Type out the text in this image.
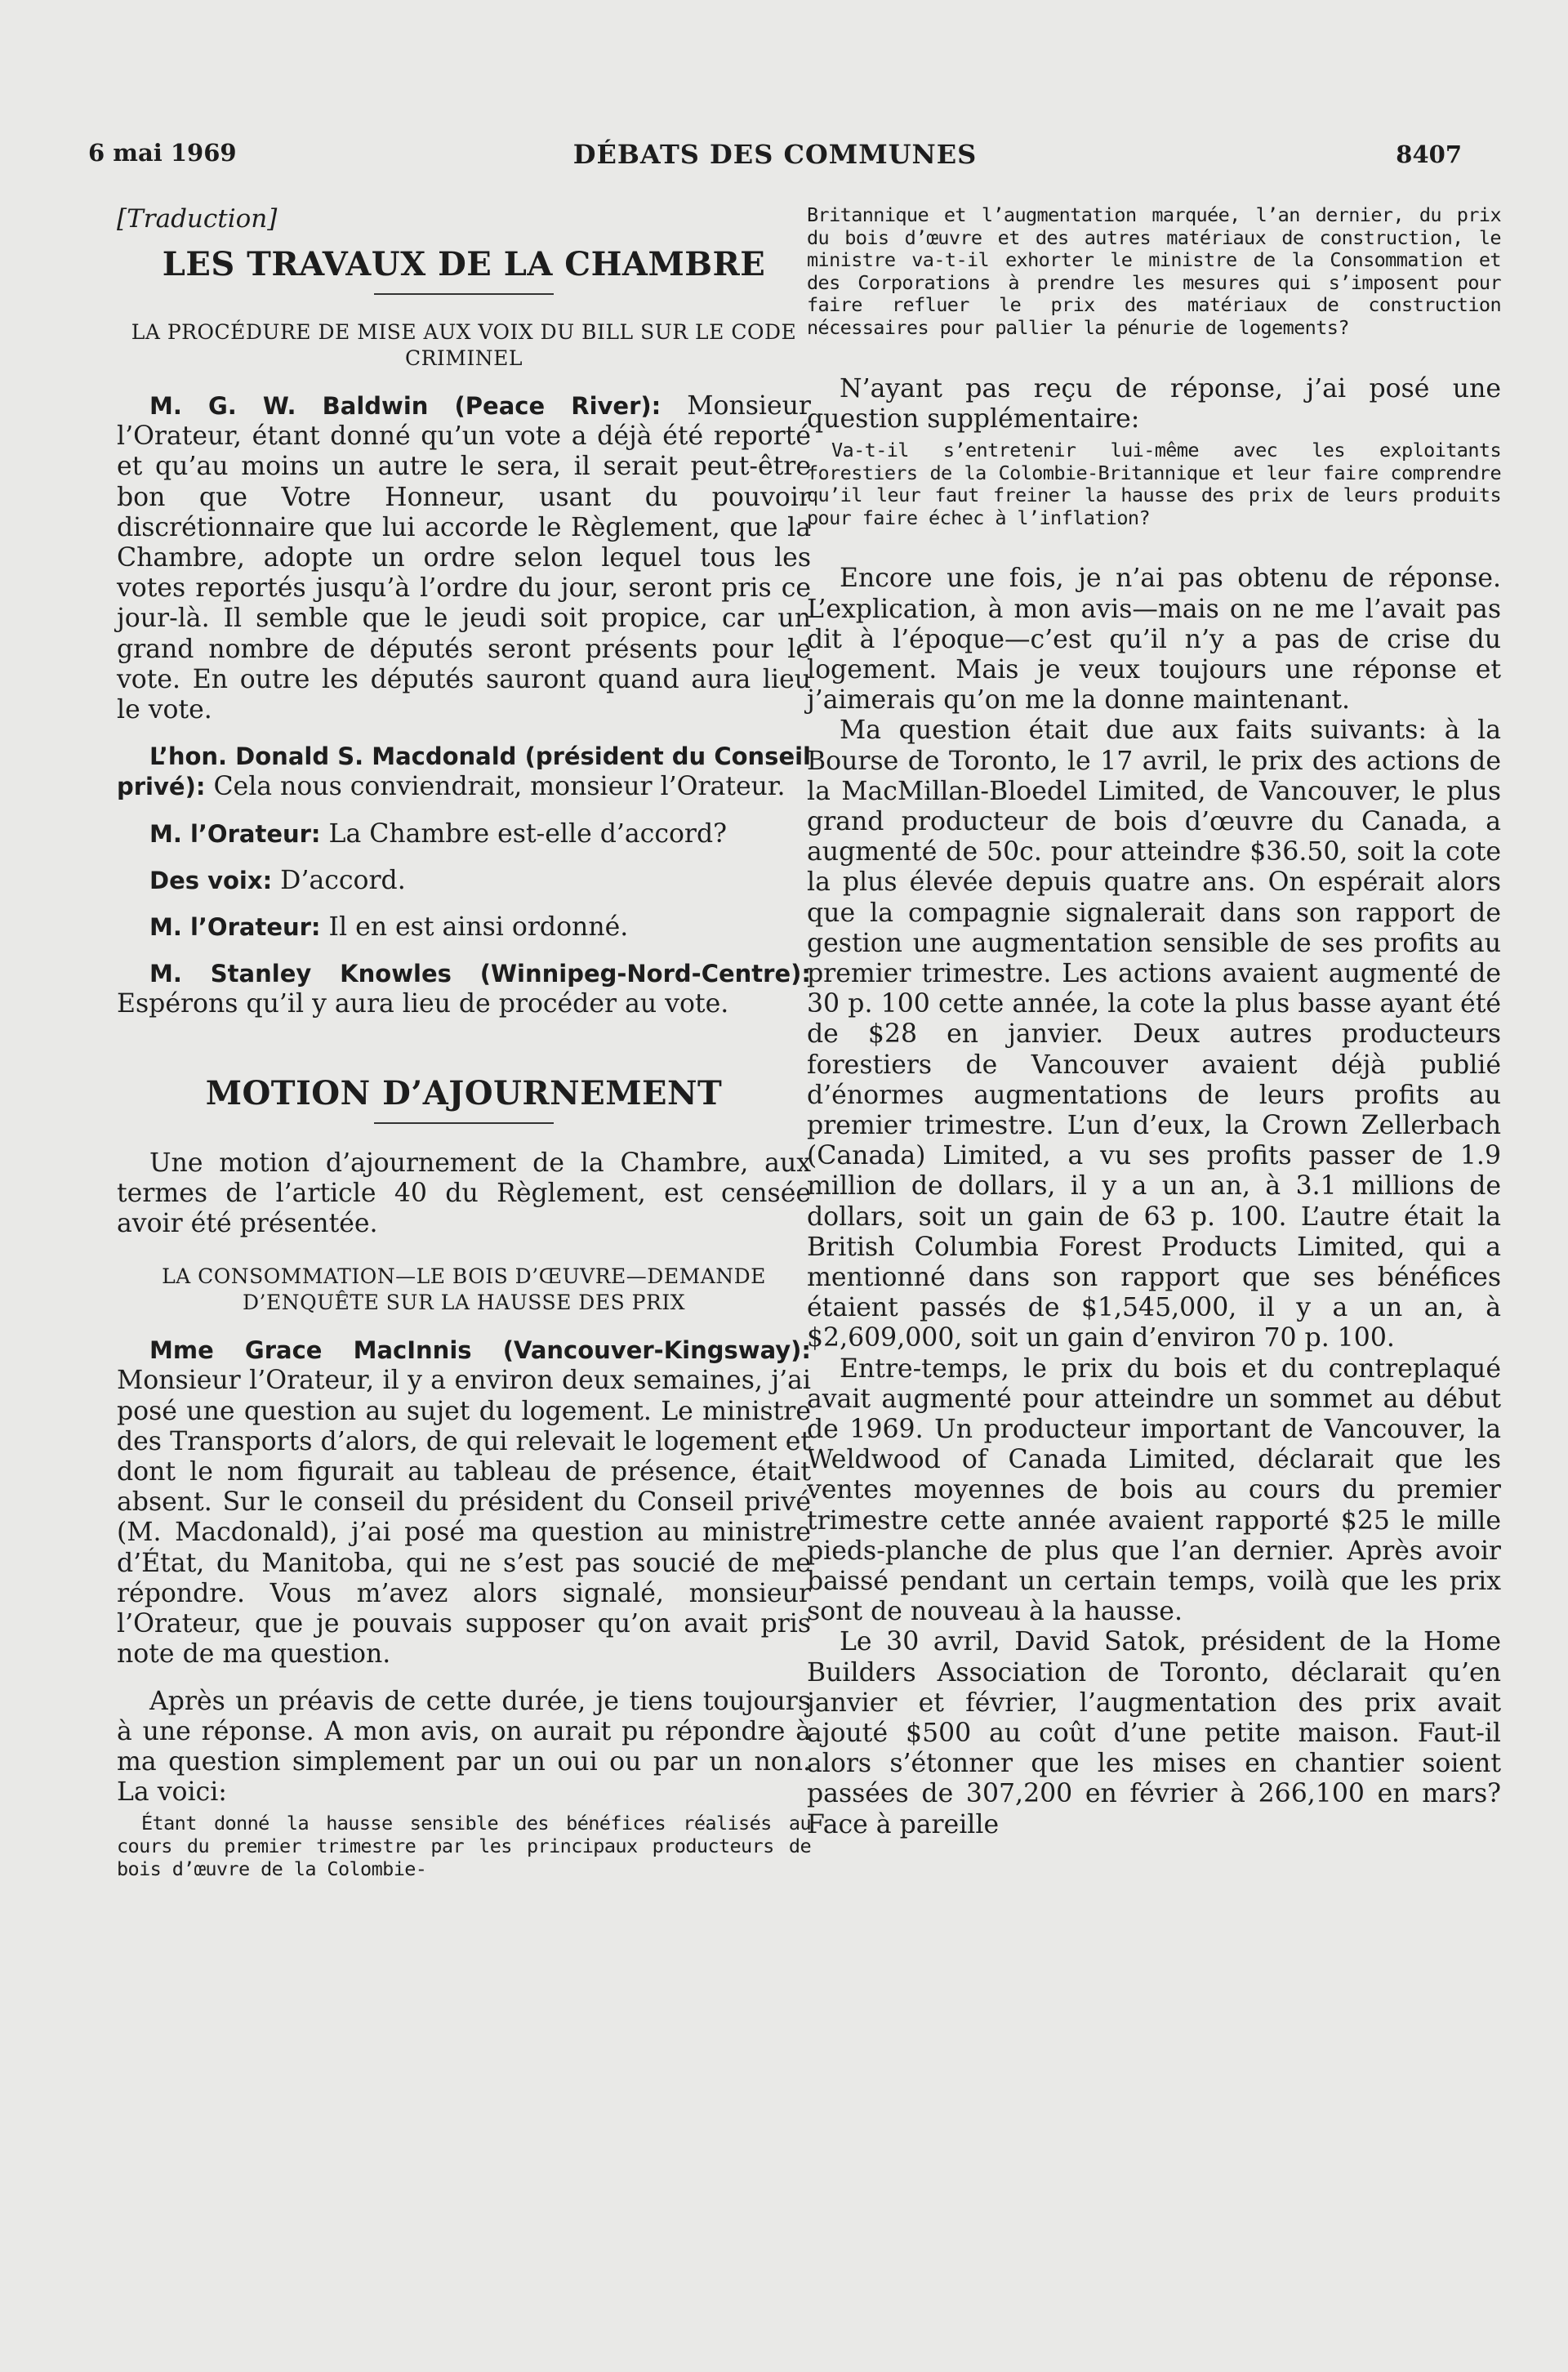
6 mai 1969	DÉBATS DES COMMUNES	8407
[Traduction]
LES TRAVAUX DE LA CHAMBRE
LA PROCÉDURE DE MISE AUX VOIX DU BILL SUR LE CODE CRIMINEL

M. G. W. Baldwin (Peace River): Monsieur l’Orateur, étant donné qu’un vote a déjà été reporté et qu’au moins un autre le sera, il serait peut-être bon que Votre Honneur, usant du pouvoir discrétionnaire que lui accorde le Règlement, que la Chambre, adopte un ordre selon lequel tous les votes reportés jusqu’à l’ordre du jour, seront pris ce jour-là. Il semble que le jeudi soit propice, car un grand nombre de députés seront présents pour le vote. En outre les députés sauront quand aura lieu le vote.

L’hon. Donald S. Macdonald (président du Conseil privé): Cela nous conviendrait, monsieur l’Orateur.

M. l’Orateur: La Chambre est-elle d’accord?

Des voix: D’accord.

M. l’Orateur: Il en est ainsi ordonné.

M. Stanley Knowles (Winnipeg-Nord-Centre): Espérons qu’il y aura lieu de procéder au vote.

MOTION D’AJOURNEMENT

Une motion d’ajournement de la Chambre, aux termes de l’article 40 du Règlement, est censée avoir été présentée.

LA CONSOMMATION—LE BOIS D’ŒUVRE—DEMANDE D’ENQUÊTE SUR LA HAUSSE DES PRIX

Mme Grace MacInnis (Vancouver-Kingsway): Monsieur l’Orateur, il y a environ deux semaines, j’ai posé une question au sujet du logement. Le ministre des Transports d’alors, de qui relevait le logement et dont le nom figurait au tableau de présence, était absent. Sur le conseil du président du Conseil privé (M. Macdonald), j’ai posé ma question au ministre d’État, du Manitoba, qui ne s’est pas soucié de me répondre. Vous m’avez alors signalé, monsieur l’Orateur, que je pouvais supposer qu’on avait pris note de ma question.

Après un préavis de cette durée, je tiens toujours à une réponse. A mon avis, on aurait pu répondre à ma question simplement par un oui ou par un non. La voici:

Étant donné la hausse sensible des bénéfices réalisés au cours du premier trimestre par les principaux producteurs de bois d’œuvre de la Colombie-
Britannique et l’augmentation marquée, l’an dernier, du prix du bois d’œuvre et des autres matériaux de construction, le ministre va-t-il exhorter le ministre de la Consommation et des Corporations à prendre les mesures qui s’imposent pour faire refluer le prix des matériaux de construction nécessaires pour pallier la pénurie de logements?

N’ayant pas reçu de réponse, j’ai posé une question supplémentaire:

Va-t-il s’entretenir lui-même avec les exploitants forestiers de la Colombie-Britannique et leur faire comprendre qu’il leur faut freiner la hausse des prix de leurs produits pour faire échec à l’inflation?

Encore une fois, je n’ai pas obtenu de réponse. L’explication, à mon avis—mais on ne me l’avait pas dit à l’époque—c’est qu’il n’y a pas de crise du logement. Mais je veux toujours une réponse et j’aimerais qu’on me la donne maintenant.

Ma question était due aux faits suivants: à la Bourse de Toronto, le 17 avril, le prix des actions de la MacMillan-Bloedel Limited, de Vancouver, le plus grand producteur de bois d’œuvre du Canada, a augmenté de 50c. pour atteindre $36.50, soit la cote la plus élevée depuis quatre ans. On espérait alors que la compagnie signalerait dans son rapport de gestion une augmentation sensible de ses profits au premier trimestre. Les actions avaient augmenté de 30 p. 100 cette année, la cote la plus basse ayant été de $28 en janvier. Deux autres producteurs forestiers de Vancouver avaient déjà publié d’énormes augmentations de leurs profits au premier trimestre. L’un d’eux, la Crown Zellerbach (Canada) Limited, a vu ses profits passer de 1.9 million de dollars, il y a un an, à 3.1 millions de dollars, soit un gain de 63 p. 100. L’autre était la British Columbia Forest Products Limited, qui a mentionné dans son rapport que ses bénéfices étaient passés de $1,545,000, il y a un an, à $2,609,000, soit un gain d’environ 70 p. 100.

Entre-temps, le prix du bois et du contreplaqué avait augmenté pour atteindre un sommet au début de 1969. Un producteur important de Vancouver, la Weldwood of Canada Limited, déclarait que les ventes moyennes de bois au cours du premier trimestre cette année avaient rapporté $25 le mille pieds-planche de plus que l’an dernier. Après avoir baissé pendant un certain temps, voilà que les prix sont de nouveau à la hausse.

Le 30 avril, David Satok, président de la Home Builders Association de Toronto, déclarait qu’en janvier et février, l’augmentation des prix avait ajouté $500 au coût d’une petite maison. Faut-il alors s’étonner que les mises en chantier soient passées de 307,200 en février à 266,100 en mars? Face à pareille
